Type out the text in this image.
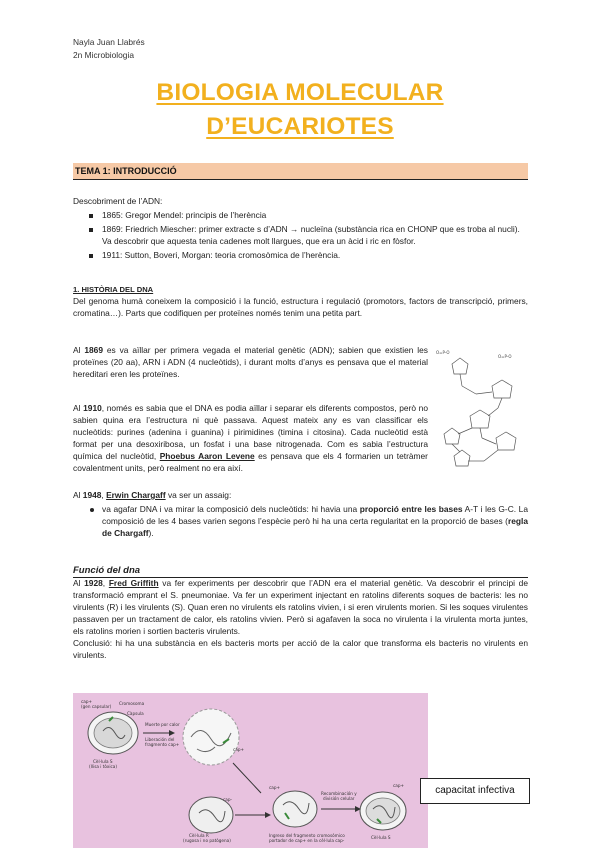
Nayla Juan Llabrés
2n Microbiologia
BIOLOGIA MOLECULAR
D’EUCARIOTES
TEMA 1: INTRODUCCIÓ
Descobriment de l’ADN:
1865: Gregor Mendel: principis de l’herència
1869: Friedrich Miescher: primer extracte s d’ADN → nucleïna (substància rica en CHONP que es troba al nucli). Va descobrir que aquesta tenia cadenes molt llargues, que era un àcid i ric en fòsfor.
1911: Sutton, Boveri, Morgan: teoria cromosòmica de l’herència.
1. HISTÒRIA DEL DNA
Del genoma humà coneixem la composició i la funció, estructura i regulació (promotors, factors de transcripció, primers, cromatina…). Parts que codifiquen per proteïnes només tenim una petita part.
Al 1869 es va aïllar per primera vegada el material genètic (ADN); sabien que existien les proteïnes (20 aa), ARN i ADN (4 nucleòtids), i durant molts d’anys es pensava que el material hereditari eren les proteïnes.
Al 1910, només es sabia que el DNA es podia aïllar i separar els diferents compostos, però no sabien quina era l’estructura ni què passava. Aquest mateix any es van classificar els nucleòtids: purines (adenina i guanina) i pirimidines (timina i citosina). Cada nucleòtid està format per una desoxiribosa, un fosfat i una base nitrogenada. Com es sabia l’estructura química del nucleòtid, Phoebus Aaron Levene es pensava que els 4 formarien un tetràmer covalentment units, però realment no era així.
Al 1948, Erwin Chargaff va ser un assaig:
va agafar DNA i va mirar la composició dels nucleòtids: hi havia una proporció entre les bases A-T i les G-C. La composició de les 4 bases varien segons l’espècie però hi ha una certa regularitat en la proporció de bases (regla de Chargaff).
Funció del dna
Al 1928, Fred Griffith va fer experiments per descobrir que l’ADN era el material genètic. Va descobrir el principi de transformació emprant el S. pneumoniae. Va fer un experiment injectant en ratolins diferents soques de bacteris: les no virulents (R) i les virulents (S). Quan eren no virulents els ratolins vivien, i si eren virulents morien. Si les soques virulentes passaven per un tractament de calor, els ratolins vivien. Però si agafaven la soca no virulenta i la virulenta morta juntes, els ratolins morien i sortien bacteris virulents.
Conclusió: hi ha una substància en els bacteris morts per acció de la calor que transforma els bacteris no virulents en virulents.
O=P-O
O=P-O
cap+
(gen capsular)
Cromosoma
Càpsula
Muerte por calor
Liberación del
fragmento cap+
Cèl·lula S
(Ilisa i tòxica)
cap+
cap+
Cèl·lula R
(rugosa i no patògena)
cap-
Ingreso del fragmento cromosómico
portador de cap+ en la cèl·lula cap-
Recombinación y
división celular
cap+
Cèl·lula S
capacitat infectiva
